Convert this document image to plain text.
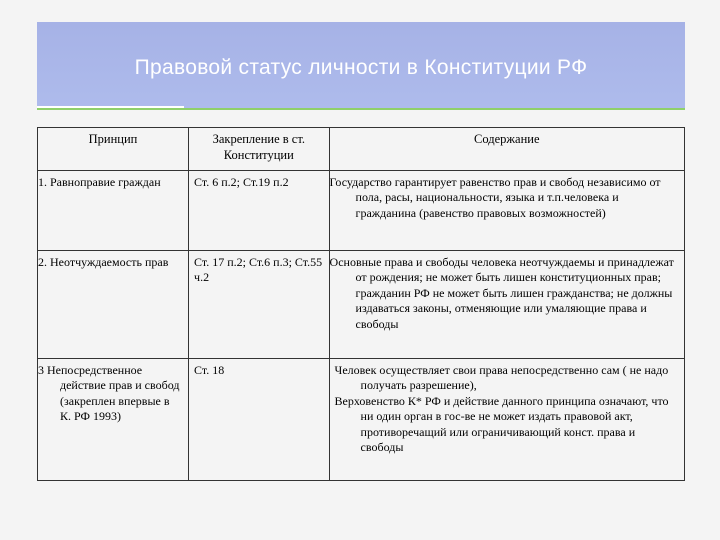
Правовой статус личности в Конституции РФ
Принцип	Закрепление в ст. Конституции	Содержание
1. Равноправие граждан	Ст. 6 п.2; Ст.19 п.2	Государство гарантирует равенство прав и свобод независимо от пола, расы, национальности, языка и т.п.человека и гражданина (равенство правовых возможностей)
2. Неотчуждаемость прав	Ст. 17 п.2; Ст.6 п.3; Ст.55 ч.2	Основные права и свободы человека неотчуждаемы и принадлежат от рождения; не может быть лишен конституционных прав; гражданин РФ не может быть лишен гражданства; не должны издаваться законы, отменяющие или умаляющие права и свободы
3 Непосредственное действие прав и свобод (закреплен впервые в К. РФ 1993)	Ст. 18	Человек осуществляет свои права непосредственно сам ( не надо получать разрешение),
Верховенство К* РФ и действие данного принципа означают, что ни один орган в гос-ве не может издать правовой акт, противоречащий или ограничивающий конст. права и свободы
